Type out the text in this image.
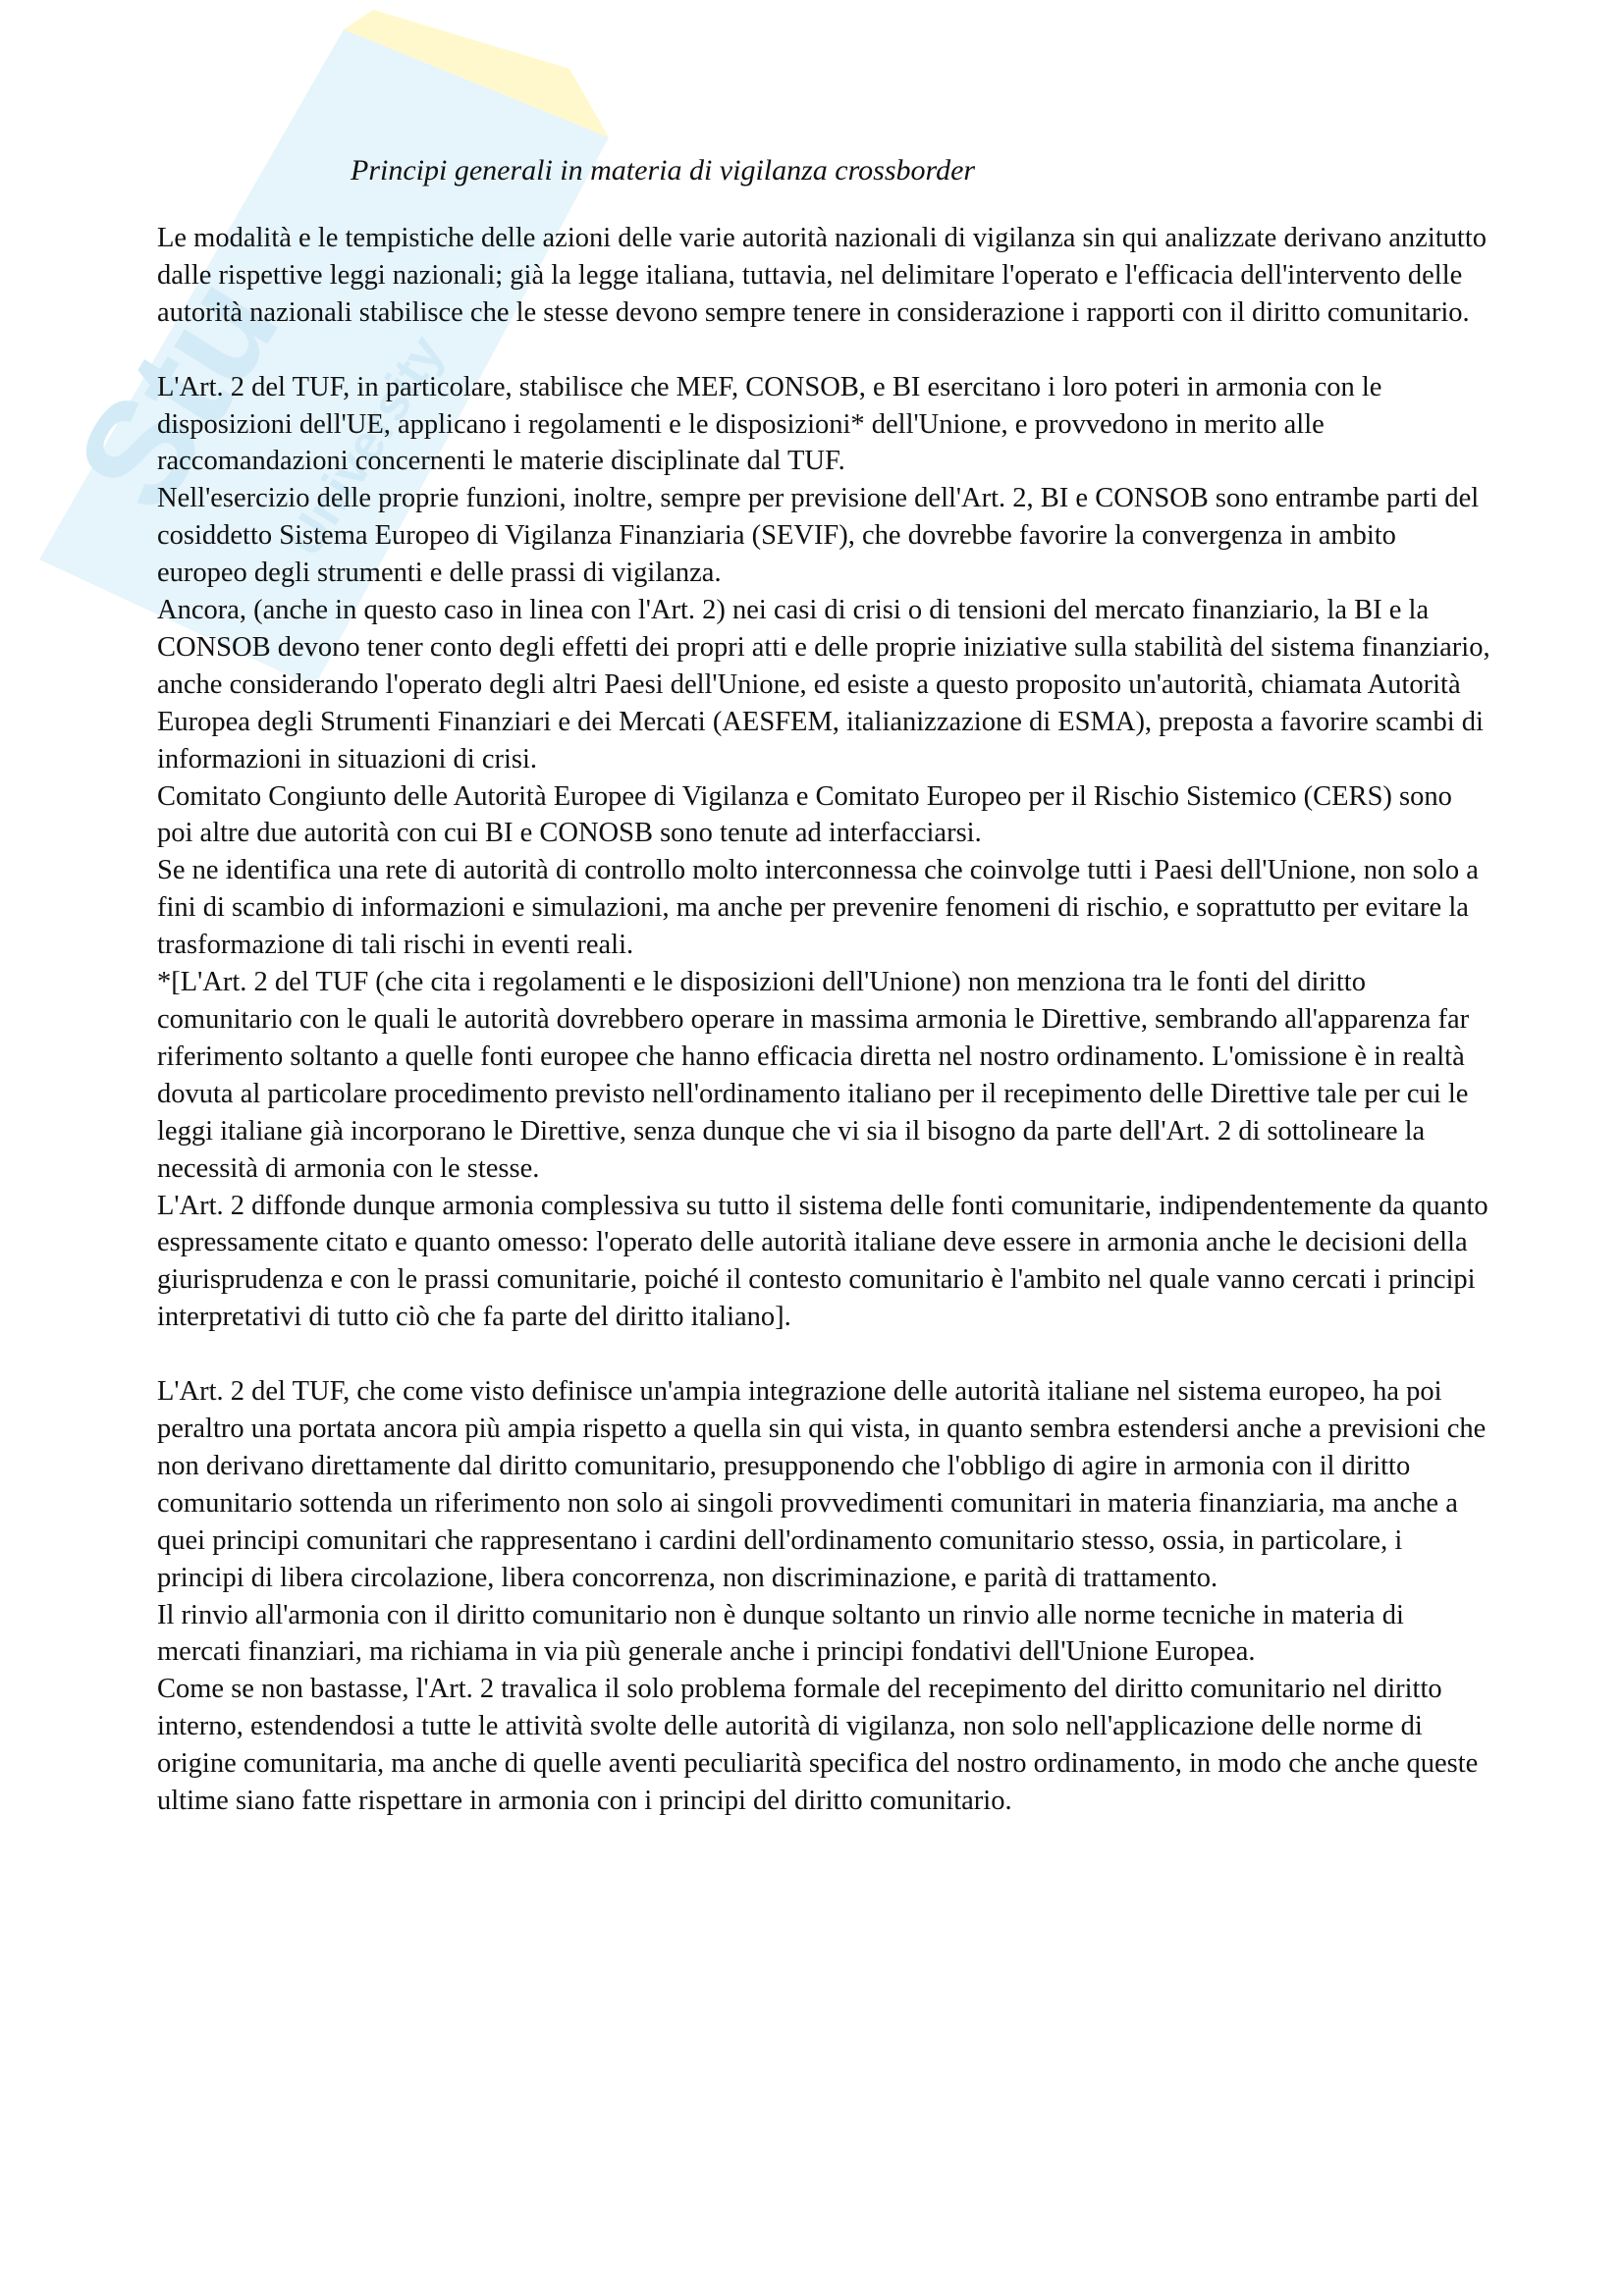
Stu
University
Principi generali in materia di vigilanza crossborder

Le modalità e le tempistiche delle azioni delle varie autorità nazionali di vigilanza sin qui analizzate derivano anzitutto dalle rispettive leggi nazionali; già la legge italiana, tuttavia, nel delimitare l'operato e l'efficacia dell'intervento delle autorità nazionali stabilisce che le stesse devono sempre tenere in considerazione i rapporti con il diritto comunitario.

L'Art. 2 del TUF, in particolare, stabilisce che MEF, CONSOB, e BI esercitano i loro poteri in armonia con le disposizioni dell'UE, applicano i regolamenti e le disposizioni* dell'Unione, e provvedono in merito alle raccomandazioni concernenti le materie disciplinate dal TUF.

Nell'esercizio delle proprie funzioni, inoltre, sempre per previsione dell'Art. 2, BI e CONSOB sono entrambe parti del cosiddetto Sistema Europeo di Vigilanza Finanziaria (SEVIF), che dovrebbe favorire la convergenza in ambito europeo degli strumenti e delle prassi di vigilanza.

Ancora, (anche in questo caso in linea con l'Art. 2) nei casi di crisi o di tensioni del mercato finanziario, la BI e la CONSOB devono tener conto degli effetti dei propri atti e delle proprie iniziative sulla stabilità del sistema finanziario, anche considerando l'operato degli altri Paesi dell'Unione, ed esiste a questo proposito un'autorità, chiamata Autorità Europea degli Strumenti Finanziari e dei Mercati (AESFEM, italianizzazione di ESMA), preposta a favorire scambi di informazioni in situazioni di crisi.

Comitato Congiunto delle Autorità Europee di Vigilanza e Comitato Europeo per il Rischio Sistemico (CERS) sono poi altre due autorità con cui BI e CONOSB sono tenute ad interfacciarsi.

Se ne identifica una rete di autorità di controllo molto interconnessa che coinvolge tutti i Paesi dell'Unione, non solo a fini di scambio di informazioni e simulazioni, ma anche per prevenire fenomeni di rischio, e soprattutto per evitare la trasformazione di tali rischi in eventi reali.

*[L'Art. 2 del TUF (che cita i regolamenti e le disposizioni dell'Unione) non menziona tra le fonti del diritto comunitario con le quali le autorità dovrebbero operare in massima armonia le Direttive, sembrando all'apparenza far riferimento soltanto a quelle fonti europee che hanno efficacia diretta nel nostro ordinamento. L'omissione è in realtà dovuta al particolare procedimento previsto nell'ordinamento italiano per il recepimento delle Direttive tale per cui le leggi italiane già incorporano le Direttive, senza dunque che vi sia il bisogno da parte dell'Art. 2 di sottolineare la necessità di armonia con le stesse.

L'Art. 2 diffonde dunque armonia complessiva su tutto il sistema delle fonti comunitarie, indipendentemente da quanto espressamente citato e quanto omesso: l'operato delle autorità italiane deve essere in armonia anche le decisioni della giurisprudenza e con le prassi comunitarie, poiché il contesto comunitario è l'ambito nel quale vanno cercati i principi interpretativi di tutto ciò che fa parte del diritto italiano].

L'Art. 2 del TUF, che come visto definisce un'ampia integrazione delle autorità italiane nel sistema europeo, ha poi peraltro una portata ancora più ampia rispetto a quella sin qui vista, in quanto sembra estendersi anche a previsioni che non derivano direttamente dal diritto comunitario, presupponendo che l'obbligo di agire in armonia con il diritto comunitario sottenda un riferimento non solo ai singoli provvedimenti comunitari in materia finanziaria, ma anche a quei principi comunitari che rappresentano i cardini dell'ordinamento comunitario stesso, ossia, in particolare, i principi di libera circolazione, libera concorrenza, non discriminazione, e parità di trattamento.

Il rinvio all'armonia con il diritto comunitario non è dunque soltanto un rinvio alle norme tecniche in materia di mercati finanziari, ma richiama in via più generale anche i principi fondativi dell'Unione Europea.

Come se non bastasse, l'Art. 2 travalica il solo problema formale del recepimento del diritto comunitario nel diritto interno, estendendosi a tutte le attività svolte delle autorità di vigilanza, non solo nell'applicazione delle norme di origine comunitaria, ma anche di quelle aventi peculiarità specifica del nostro ordinamento, in modo che anche queste ultime siano fatte rispettare in armonia con i principi del diritto comunitario.
